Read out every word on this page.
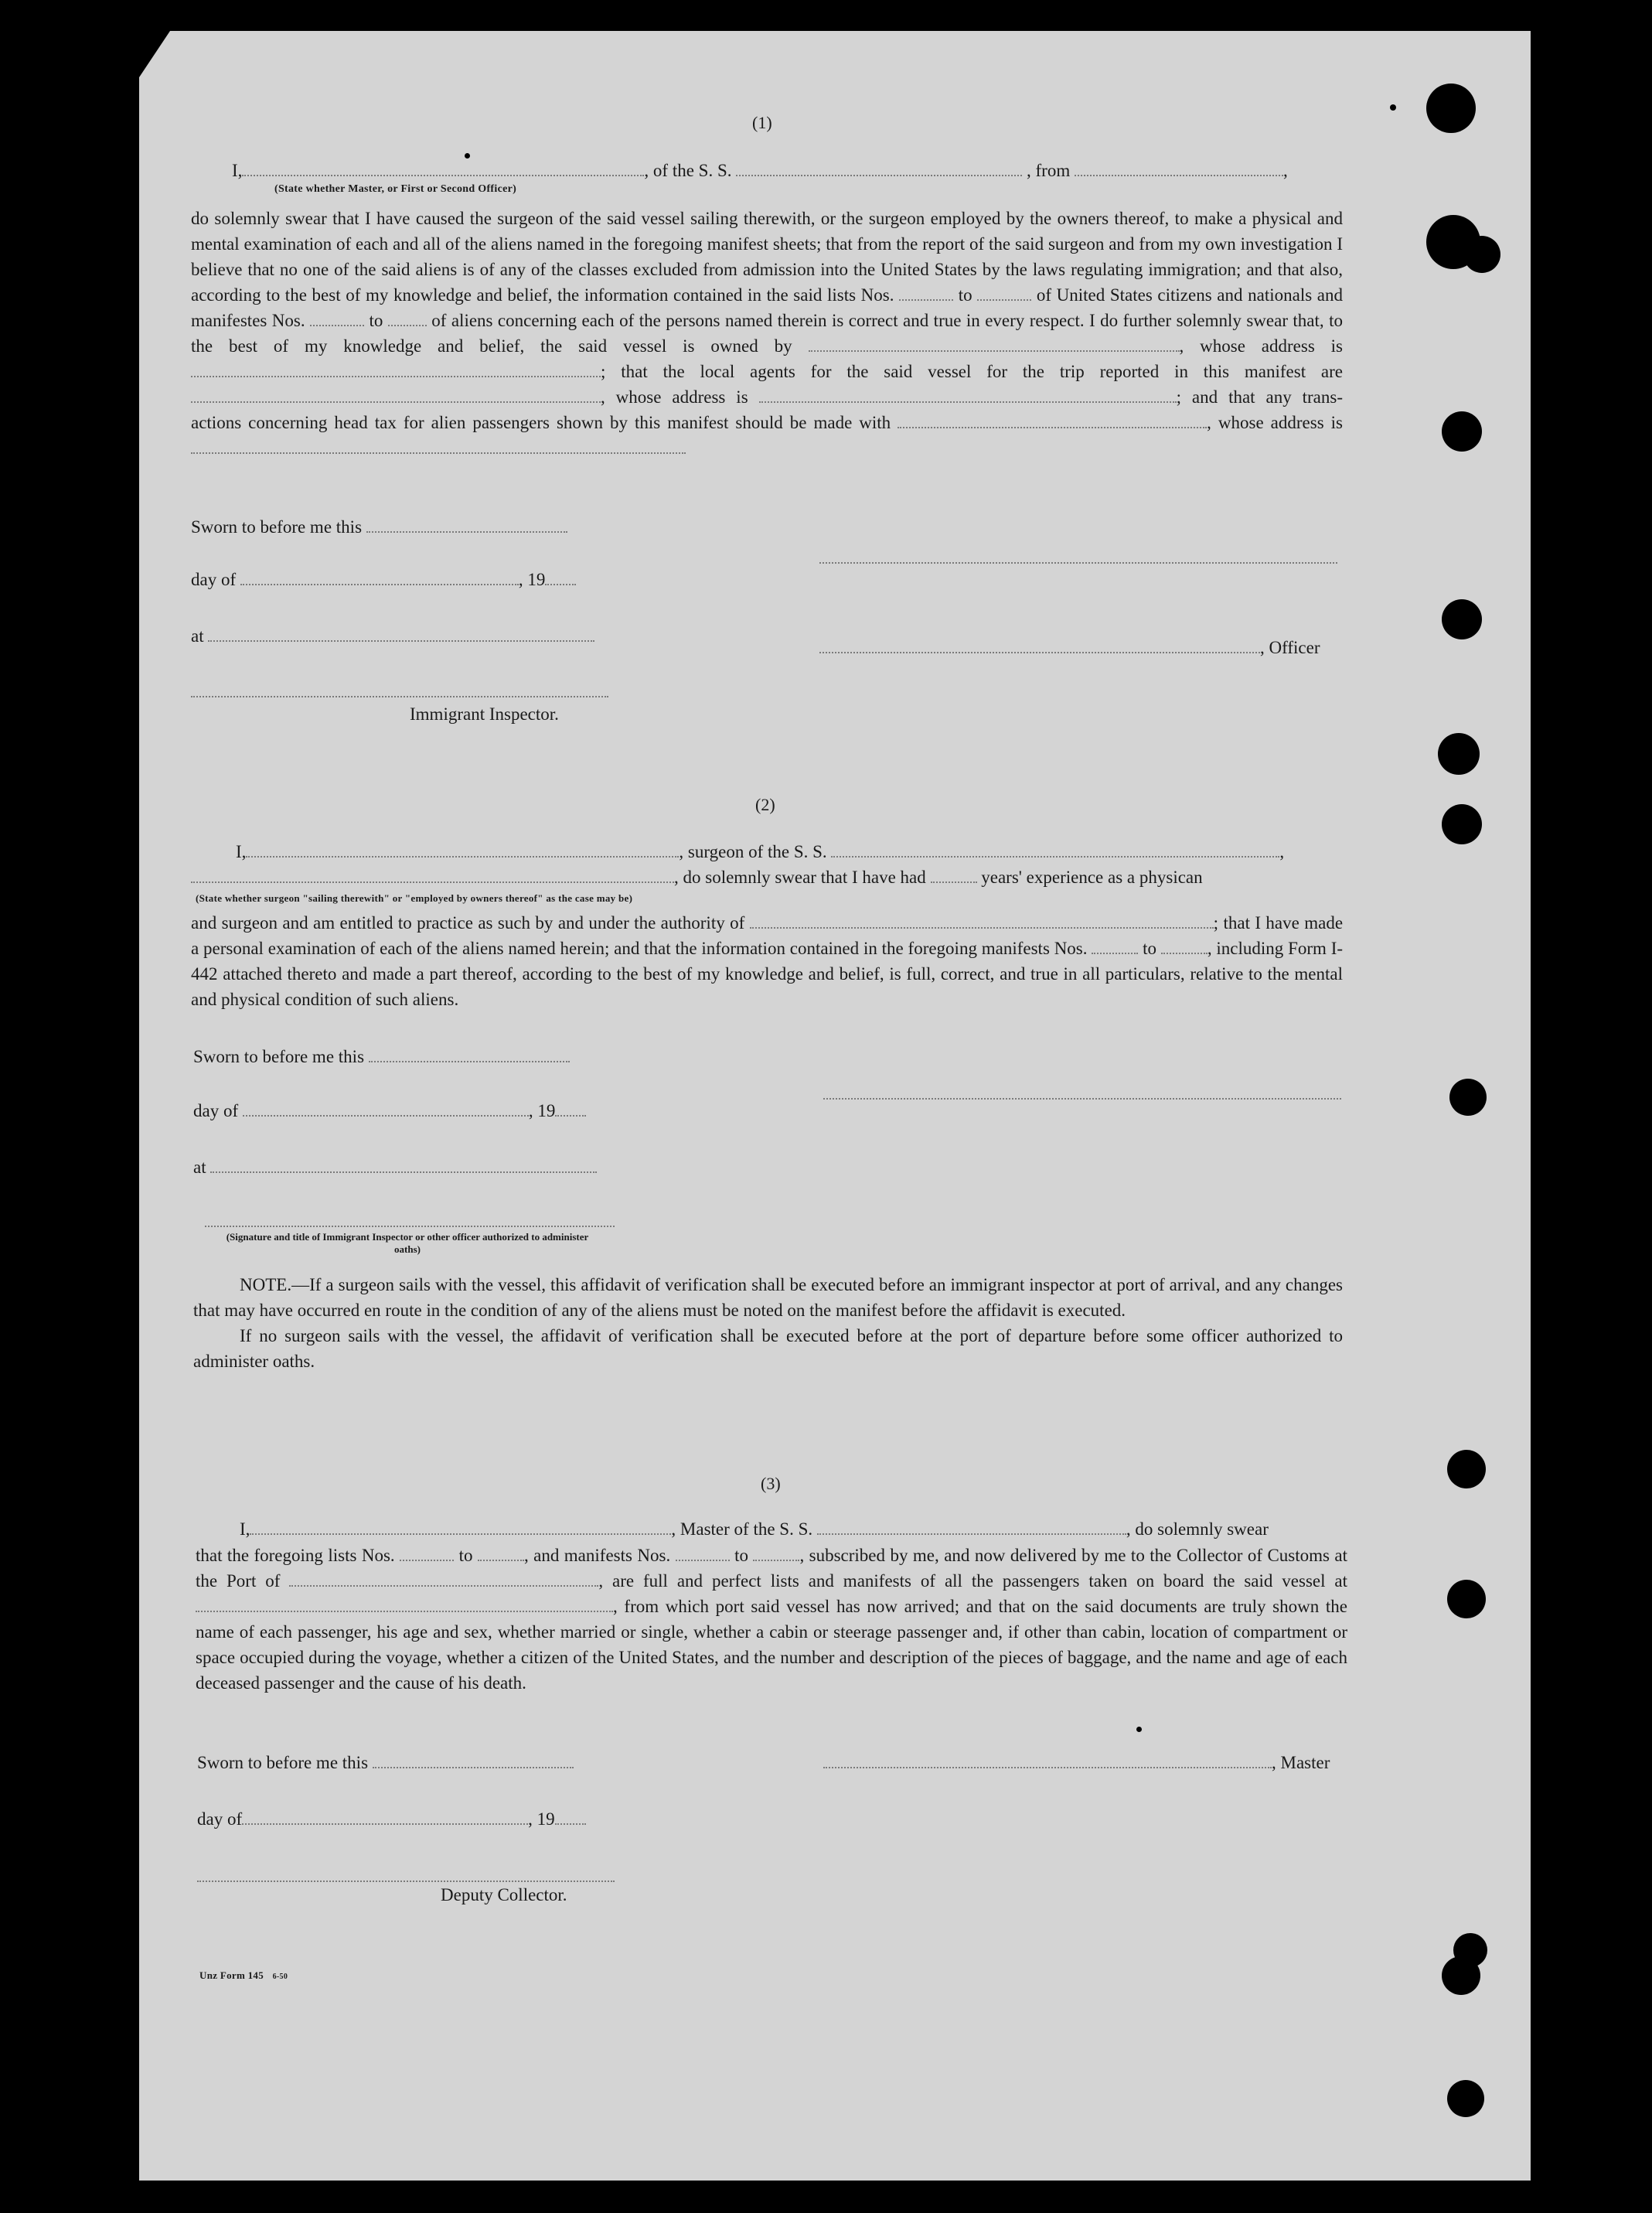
(1)
I,	, of the S. S.	, from	,
(State whether Master, or First or Second Officer)
do solemnly swear that I have caused the surgeon of the said vessel sailing therewith, or the surgeon employed by the owners thereof, to make a physical and mental examination of each and all of the aliens named in the foregoing manifest sheets; that from the report of the said surgeon and from my own investigation I believe that no one of the said aliens is of any of the classes excluded from admission into the United States by the laws regulating immigration; and that also, according to the best of my knowledge and belief, the information contained in the said lists Nos.	to	of United States citizens and nationals and manifestes Nos.	to	of aliens concerning each of the persons named therein is correct and true in every respect. I do further solemnly swear that, to the best of my knowledge and belief, the said vessel is owned by	, whose address is ; that the local agents for the said vessel for the trip reported in this manifest are , whose address is	; and that any trans- actions concerning head tax for alien passengers shown by this manifest should be made with	, whose address is
Sworn to before me this
day of	, 19
at
, Officer
Immigrant Inspector.
(2)
I,	, surgeon of the S. S.	,
, do solemnly swear that I have had	years' experience as a physican
(State whether surgeon "sailing therewith" or "employed by owners thereof" as the case may be)
and surgeon and am entitled to practice as such by and under the authority of	; that I have made a personal examination of each of the aliens named herein; and that the information contained in the foregoing manifests Nos.	to	, including Form I-442 attached thereto and made a part thereof, according to the best of my knowledge and belief, is full, correct, and true in all particulars, relative to the mental and physical condition of such aliens.
Sworn to before me this
day of	, 19
at
(Signature and title of Immigrant Inspector or other officer authorized to administer oaths)

NOTE.—If a surgeon sails with the vessel, this affidavit of verification shall be executed before an immigrant inspector at port of arrival, and any changes that may have occurred en route in the condition of any of the aliens must be noted on the manifest before the affidavit is executed.

If no surgeon sails with the vessel, the affidavit of verification shall be executed before at the port of departure before some officer authorized to administer oaths.

(3)
I,	, Master of the S. S.	, do solemnly swear
that the foregoing lists Nos.	to	, and manifests Nos.	to	, subscribed by me, and now delivered by me to the Collector of Customs at the Port of	, are full and perfect lists and manifests of all the passengers taken on board the said vessel at , from which port said vessel has now arrived; and that on the said documents are truly shown the name of each passenger, his age and sex, whether married or single, whether a cabin or steerage passenger and, if other than cabin, location of compartment or space occupied during the voyage, whether a citizen of the United States, and the number and description of the pieces of baggage, and the name and age of each deceased passenger and the cause of his death.
Sworn to before me this	, Master
day of	, 19
Deputy Collector.
Unz Form 145 6-50
